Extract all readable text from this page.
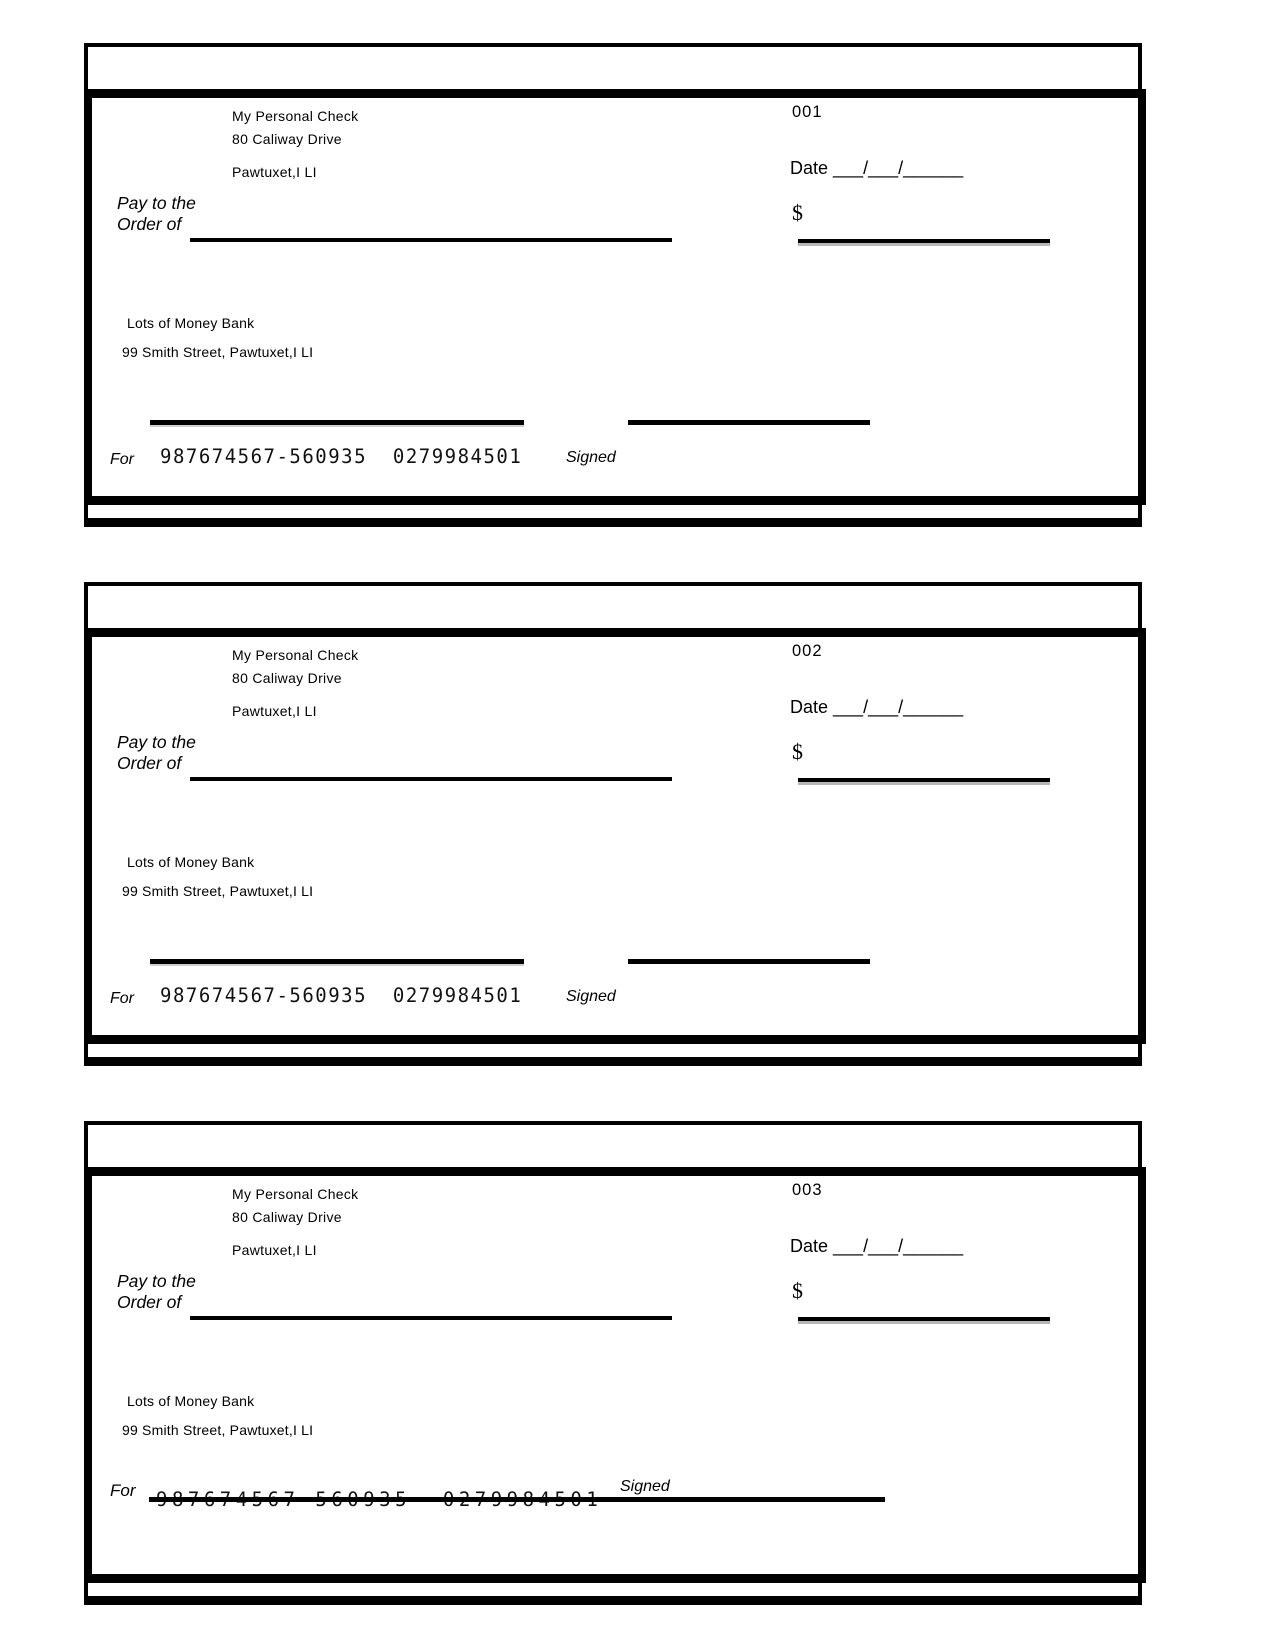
My Personal Check
80 Caliway Drive
Pawtuxet,I LI
001
Date ___/___/______
Pay to the
Order of	$
Lots of Money Bank
99 Smith Street, Pawtuxet,I LI
For 987674567-560935  0279984501	Signed
My Personal Check
80 Caliway Drive
Pawtuxet,I LI
002
Date ___/___/______
Pay to the
Order of	$
Lots of Money Bank
99 Smith Street, Pawtuxet,I LI
For 987674567-560935  0279984501	Signed
My Personal Check
80 Caliway Drive
Pawtuxet,I LI
003
Date ___/___/______
Pay to the
Order of	$
Lots of Money Bank
99 Smith Street, Pawtuxet,I LI
For	Signed
